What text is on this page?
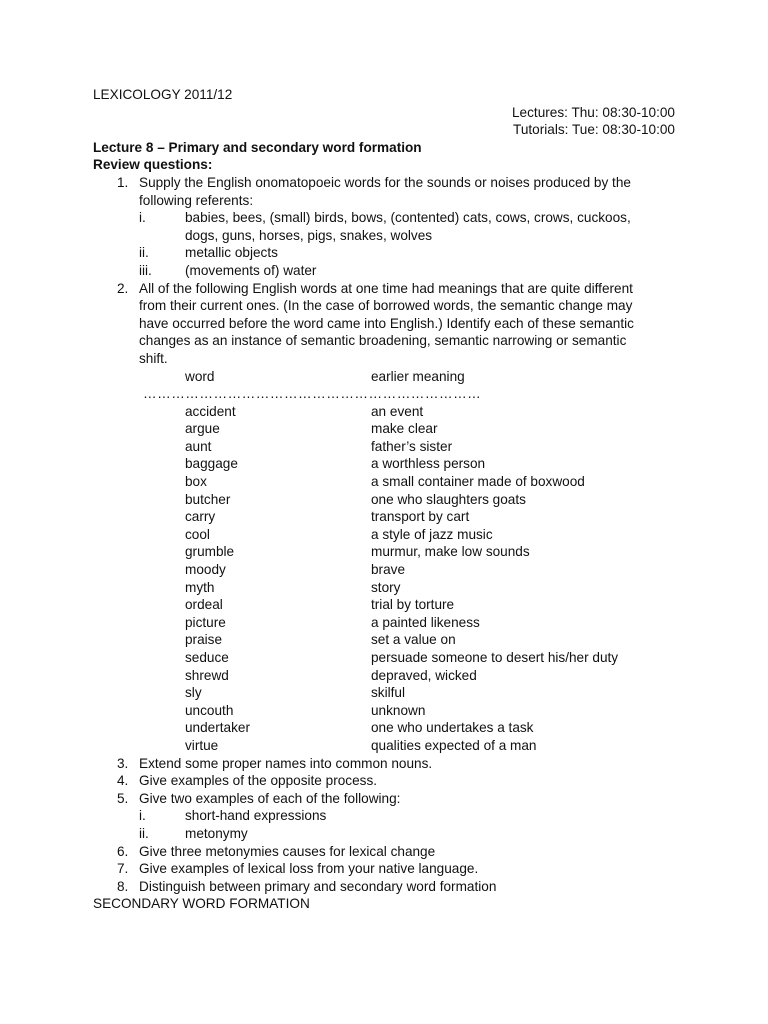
LEXICOLOGY 2011/12
Lectures: Thu: 08:30-10:00
Tutorials: Tue: 08:30-10:00
Lecture 8 – Primary and secondary word formation
Review questions:
1. Supply the English onomatopoeic words for the sounds or noises produced by the
following referents:
i.	babies, bees, (small) birds, bows, (contented) cats, cows, crows, cuckoos,
dogs, guns, horses, pigs, snakes, wolves
ii.	metallic objects
iii. (movements of) water
2. All of the following English words at one time had meanings that are quite different
from their current ones. (In the case of borrowed words, the semantic change may
have occurred before the word came into English.) Identify each of these semantic
changes as an instance of semantic broadening, semantic narrowing or semantic
shift.
word	earlier meaning
………………………………………………………………
accident	an event
argue	make clear
aunt	father’s sister
baggage	a worthless person
box	a small container made of boxwood
butcher	one who slaughters goats
carry	transport by cart
cool	a style of jazz music
grumble	murmur, make low sounds
moody	brave
myth	story
ordeal	trial by torture
picture	a painted likeness
praise	set a value on
seduce	persuade someone to desert his/her duty
shrewd	depraved, wicked
sly	skilful
uncouth	unknown
undertaker	one who undertakes a task
virtue	qualities expected of a man
3. Extend some proper names into common nouns.
4. Give examples of the opposite process.
5. Give two examples of each of the following:
i.	short-hand expressions
ii.	metonymy
6. Give three metonymies causes for lexical change
7. Give examples of lexical loss from your native language.
8. Distinguish between primary and secondary word formation
SECONDARY WORD FORMATION
